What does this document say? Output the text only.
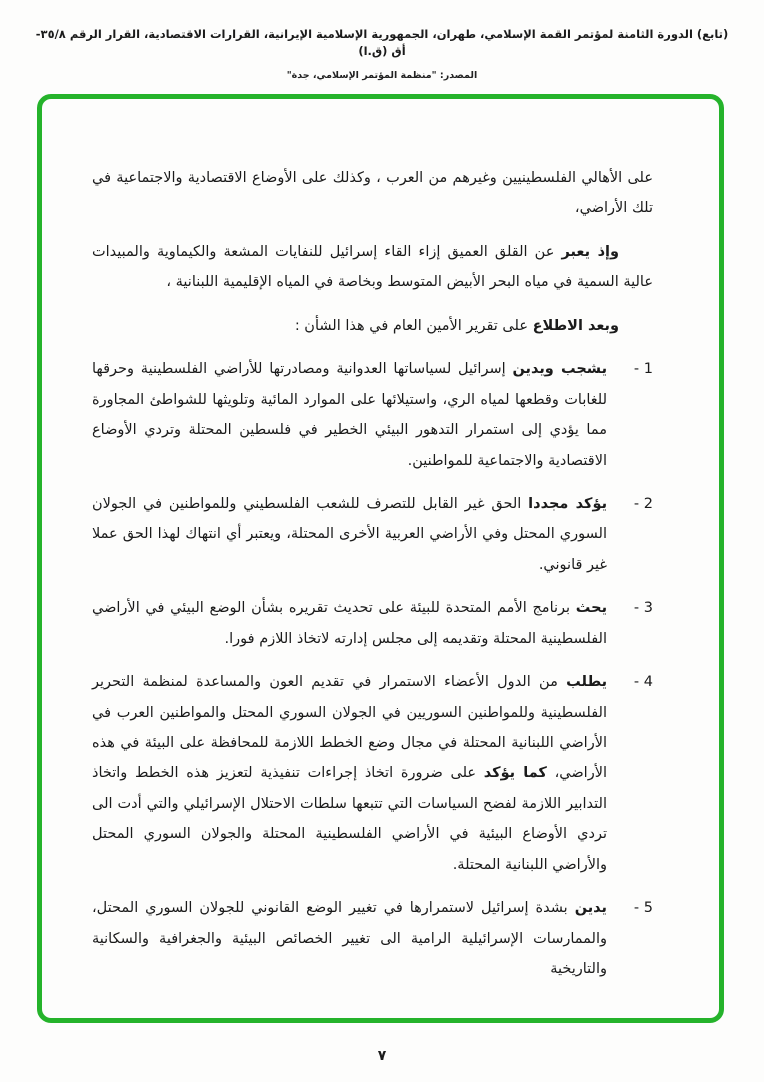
(تابع) الدورة الثامنة لمؤتمر القمة الإسلامي، طهران، الجمهورية الإسلامية الإيرانية، القرارات الاقتصادية، القرار الرقم ٣٥/٨-أق (ق.ا)
المصدر: "منظمة المؤتمر الإسلامي، جدة"

على الأهالي الفلسطينيين وغيرهم من العرب ، وكذلك على الأوضاع الاقتصادية والاجتماعية في تلك الأراضي،

وإذ يعبر عن القلق العميق إزاء القاء إسرائيل للنفايات المشعة والكيماوية والمبيدات عالية السمية في مياه البحر الأبيض المتوسط وبخاصة في المياه الإقليمية اللبنانية ،

وبعد الاطلاع على تقرير الأمين العام في هذا الشأن :

1 -
يشجب ويدين إسرائيل لسياساتها العدوانية ومصادرتها للأراضي الفلسطينية وحرقها للغابات وقطعها لمياه الري، واستيلائها على الموارد المائية وتلويثها للشواطئ المجاورة مما يؤدي إلى استمرار التدهور البيئي الخطير في فلسطين المحتلة وتردي الأوضاع الاقتصادية والاجتماعية للمواطنين.
2 -
يؤكد مجددا الحق غير القابل للتصرف للشعب الفلسطيني وللمواطنين في الجولان السوري المحتل وفي الأراضي العربية الأخرى المحتلة، ويعتبر أي انتهاك لهذا الحق عملا غير قانوني.
3 -
يحث برنامج الأمم المتحدة للبيئة على تحديث تقريره بشأن الوضع البيئي في الأراضي الفلسطينية المحتلة وتقديمه إلى مجلس إدارته لاتخاذ اللازم فورا.
4 -
يطلب من الدول الأعضاء الاستمرار في تقديم العون والمساعدة لمنظمة التحرير الفلسطينية وللمواطنين السوريين في الجولان السوري المحتل والمواطنين العرب في الأراضي اللبنانية المحتلة في مجال وضع الخطط اللازمة للمحافظة على البيئة في هذه الأراضي، كما يؤكد على ضرورة اتخاذ إجراءات تنفيذية لتعزيز هذه الخطط واتخاذ التدابير اللازمة لفضح السياسات التي تتبعها سلطات الاحتلال الإسرائيلي والتي أدت الى تردي الأوضاع البيئية في الأراضي الفلسطينية المحتلة والجولان السوري المحتل والأراضي اللبنانية المحتلة.
5 -
يدين بشدة إسرائيل لاستمرارها في تغيير الوضع القانوني للجولان السوري المحتل، والممارسات الإسرائيلية الرامية الى تغيير الخصائص البيئية والجغرافية والسكانية والتاريخية
٧
